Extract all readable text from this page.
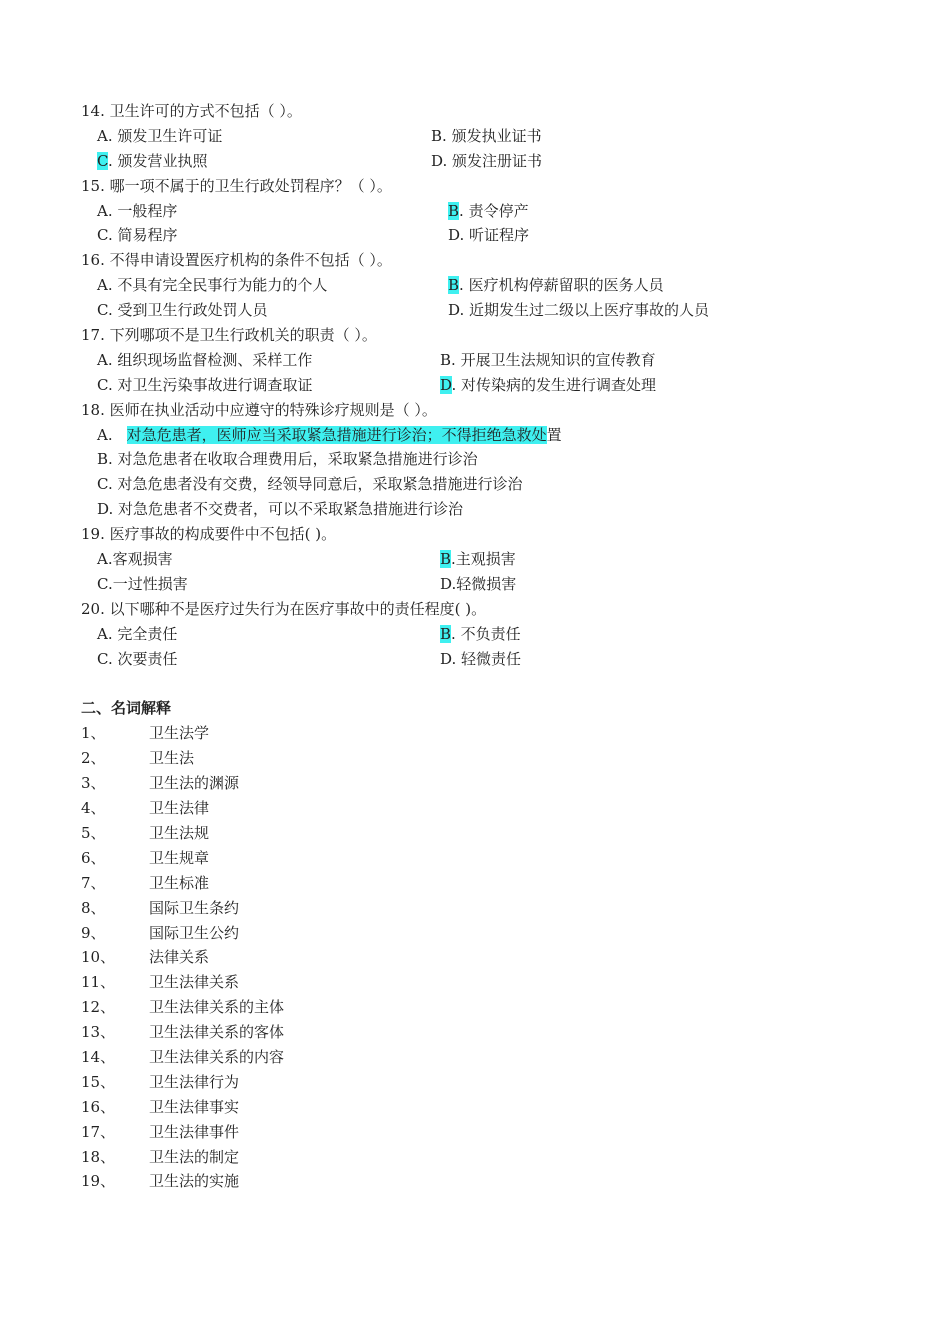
14. 卫生许可的方式不包括（ ）。
A. 颁发卫生许可证	B. 颁发执业证书
C. 颁发营业执照	D. 颁发注册证书
15. 哪一项不属于的卫生行政处罚程序？（ ）。
A. 一般程序	B. 责令停产
C. 简易程序	D. 听证程序
16. 不得申请设置医疗机构的条件不包括（ ）。
A. 不具有完全民事行为能力的个人	B. 医疗机构停薪留职的医务人员
C. 受到卫生行政处罚人员	D. 近期发生过二级以上医疗事故的人员
17. 下列哪项不是卫生行政机关的职责（ ）。
A. 组织现场监督检测、采样工作	B. 开展卫生法规知识的宣传教育
C. 对卫生污染事故进行调查取证	D. 对传染病的发生进行调查处理
18. 医师在执业活动中应遵守的特殊诊疗规则是（ ）。
A. 对急危患者，医师应当采取紧急措施进行诊治；不得拒绝急救处置
B. 对急危患者在收取合理费用后，采取紧急措施进行诊治
C. 对急危患者没有交费，经领导同意后，采取紧急措施进行诊治
D. 对急危患者不交费者，可以不采取紧急措施进行诊治
19. 医疗事故的构成要件中不包括( )。
A.客观损害	B.主观损害
C.一过性损害	D.轻微损害
20. 以下哪种不是医疗过失行为在医疗事故中的责任程度( )。
A. 完全责任	B. 不负责任
C. 次要责任	D. 轻微责任
二、名词解释
1、	卫生法学
2、	卫生法
3、	卫生法的渊源
4、	卫生法律
5、	卫生法规
6、	卫生规章
7、	卫生标准
8、	国际卫生条约
9、	国际卫生公约
10、 法律关系
11、 卫生法律关系
12、 卫生法律关系的主体
13、 卫生法律关系的客体
14、 卫生法律关系的内容
15、 卫生法律行为
16、 卫生法律事实
17、 卫生法律事件
18、 卫生法的制定
19、 卫生法的实施
